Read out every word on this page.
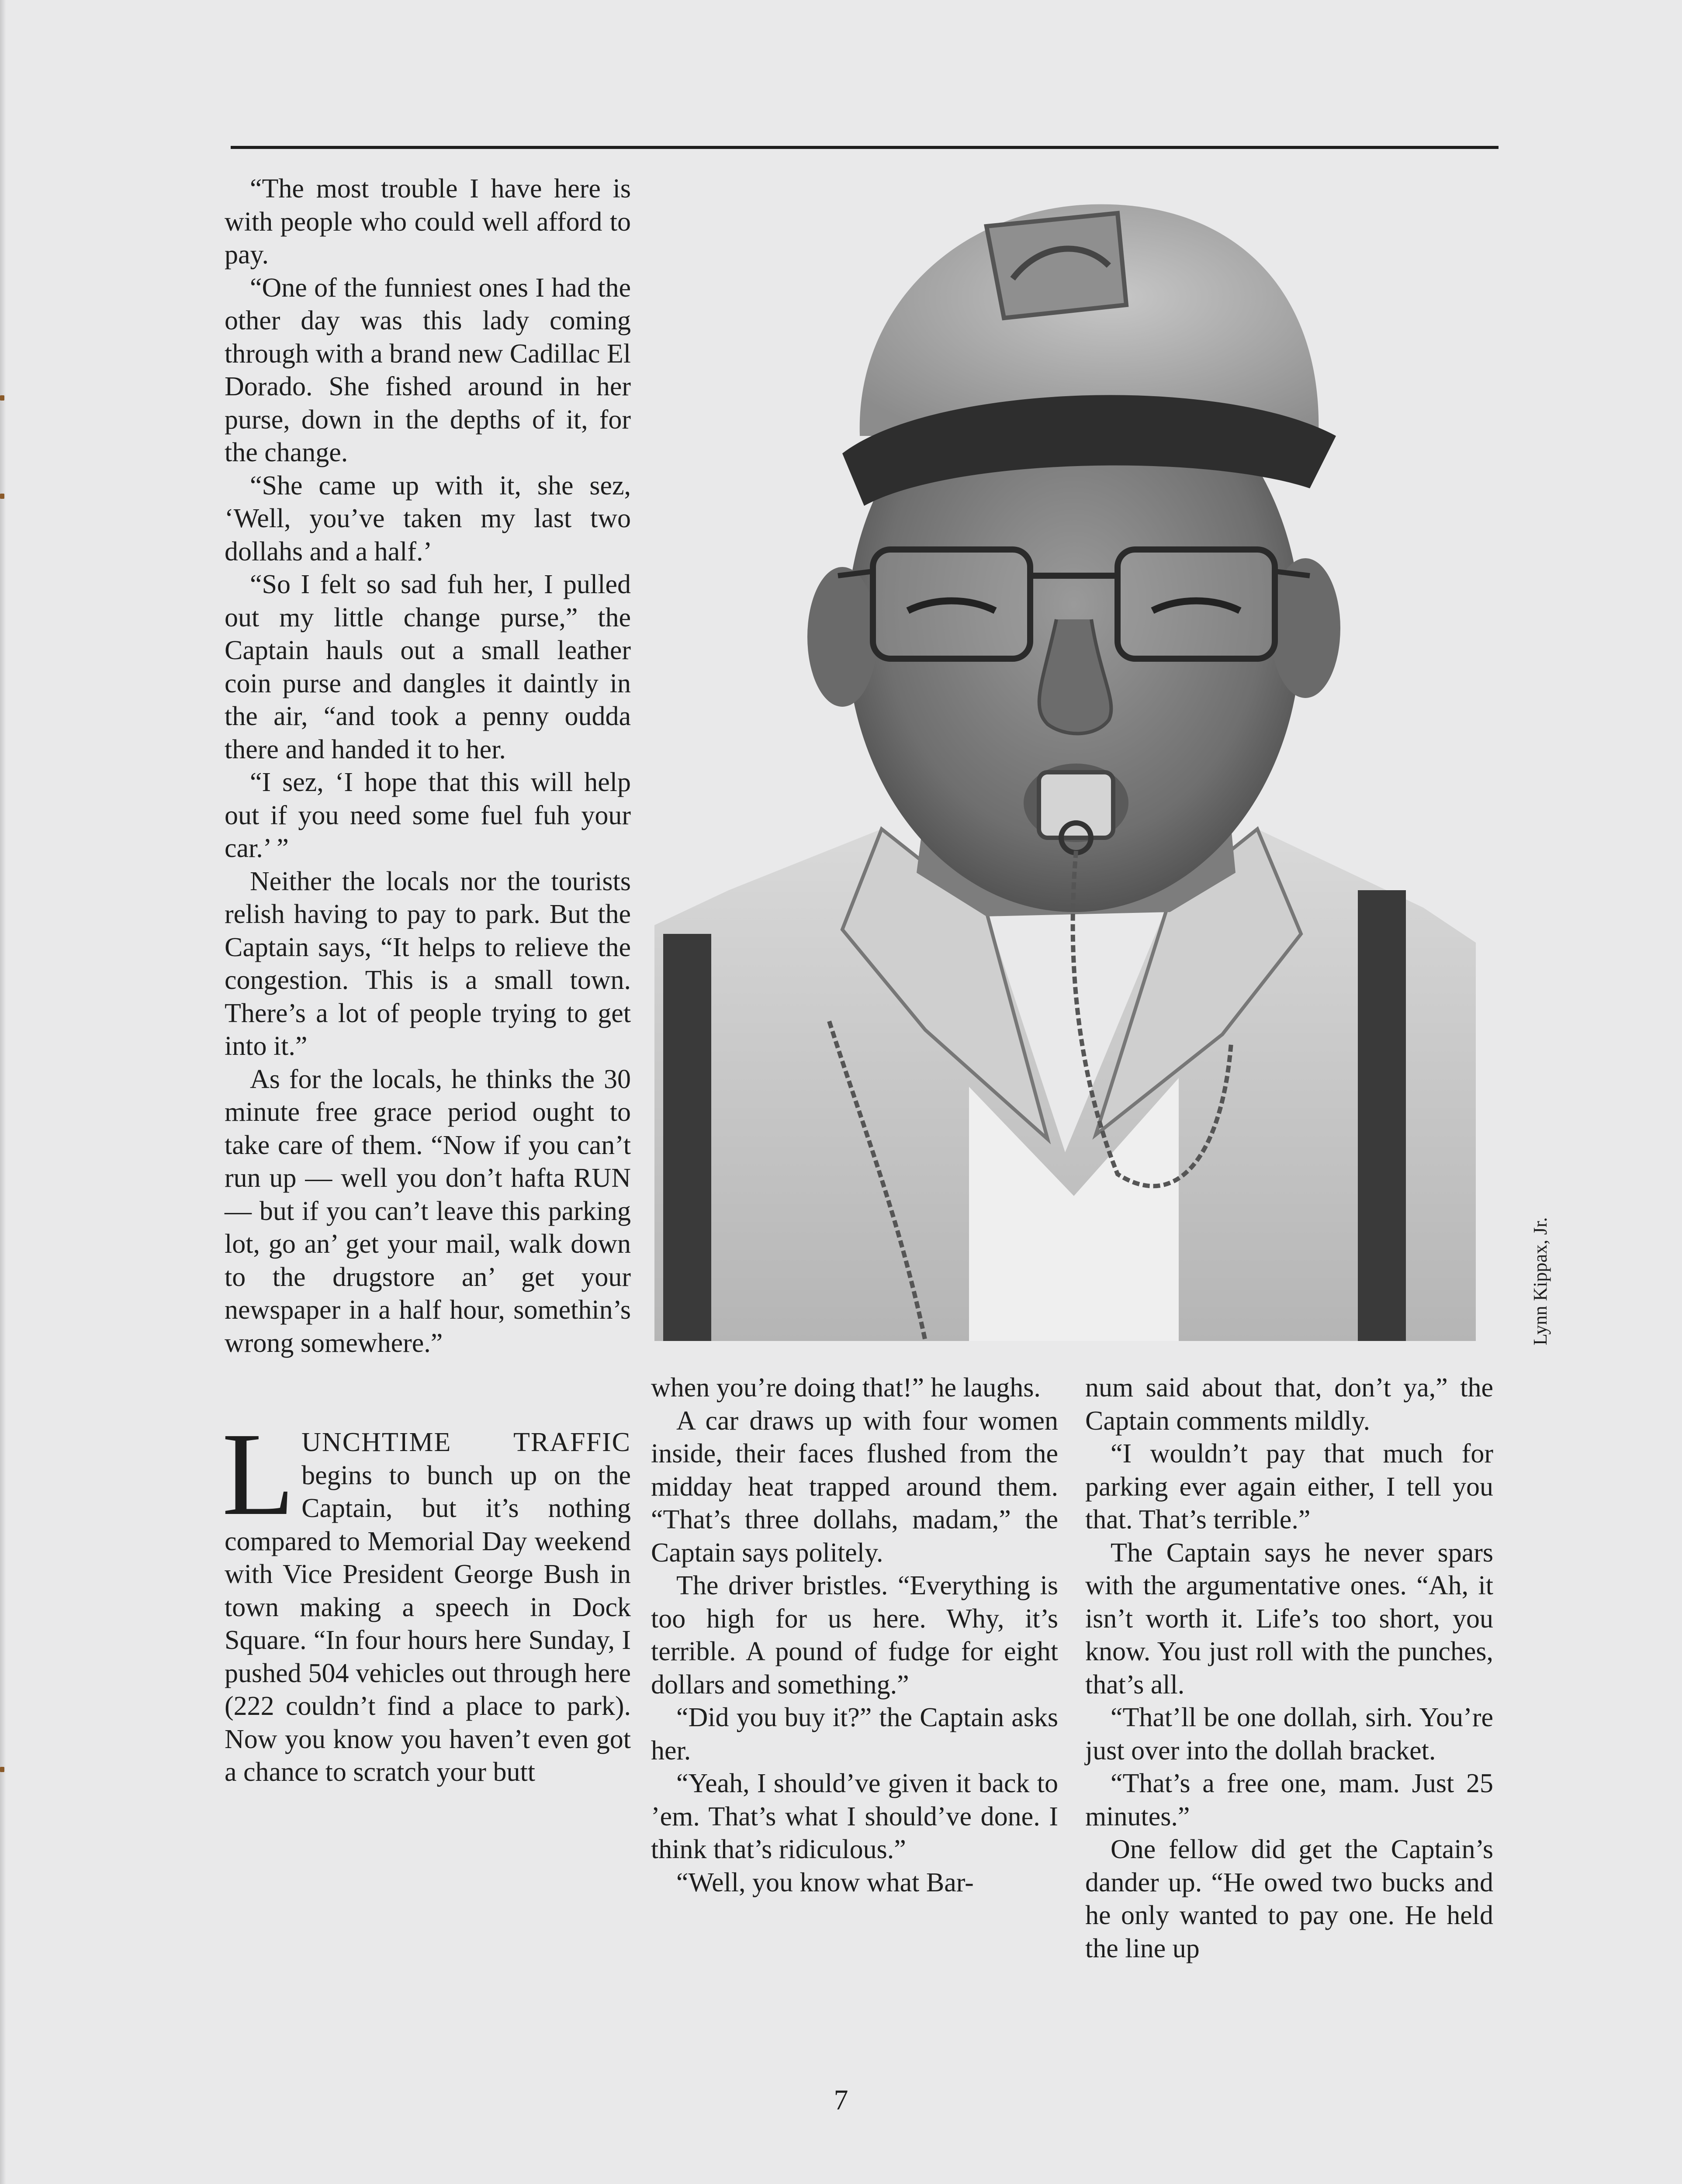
“The most trouble I have here is with people who could well afford to pay.

“One of the funniest ones I had the other day was this lady coming through with a brand new Cadillac El Dorado. She fished around in her purse, down in the depths of it, for the change.

“She came up with it, she sez, ‘Well, you’ve taken my last two dollahs and a half.’

“So I felt so sad fuh her, I pulled out my little change purse,” the Captain hauls out a small leather coin purse and dangles it daintly in the air, “and took a penny oudda there and handed it to her.

“I sez, ‘I hope that this will help out if you need some fuel fuh your car.’ ”

Neither the locals nor the tourists relish having to pay to park. But the Captain says, “It helps to relieve the congestion. This is a small town. There’s a lot of people trying to get into it.”

As for the locals, he thinks the 30 minute free grace period ought to take care of them. “Now if you can’t run up — well you don’t hafta RUN — but if you can’t leave this parking lot, go an’ get your mail, walk down to the drugstore an’ get your newspaper in a half hour, somethin’s wrong somewhere.”

LUNCHTIME TRAFFIC begins to bunch up on the Captain, but it’s nothing compared to Memorial Day weekend with Vice President George Bush in town making a speech in Dock Square. “In four hours here Sunday, I pushed 504 vehicles out through here (222 couldn’t find a place to park). Now you know you haven’t even got a chance to scratch your butt

Lynn Kippax, Jr.

when you’re doing that!” he laughs.

A car draws up with four women inside, their faces flushed from the midday heat trapped around them. “That’s three dollahs, madam,” the Captain says politely.

The driver bristles. “Everything is too high for us here. Why, it’s terrible. A pound of fudge for eight dollars and something.”

“Did you buy it?” the Captain asks her.

“Yeah, I should’ve given it back to ’em. That’s what I should’ve done. I think that’s ridiculous.”

“Well, you know what Bar-

num said about that, don’t ya,” the Captain comments mildly.

“I wouldn’t pay that much for parking ever again either, I tell you that. That’s terrible.”

The Captain says he never spars with the argumentative ones. “Ah, it isn’t worth it. Life’s too short, you know. You just roll with the punches, that’s all.

“That’ll be one dollah, sirh. You’re just over into the dollah bracket.

“That’s a free one, mam. Just 25 minutes.”

One fellow did get the Captain’s dander up. “He owed two bucks and he only wanted to pay one. He held the line up

7
